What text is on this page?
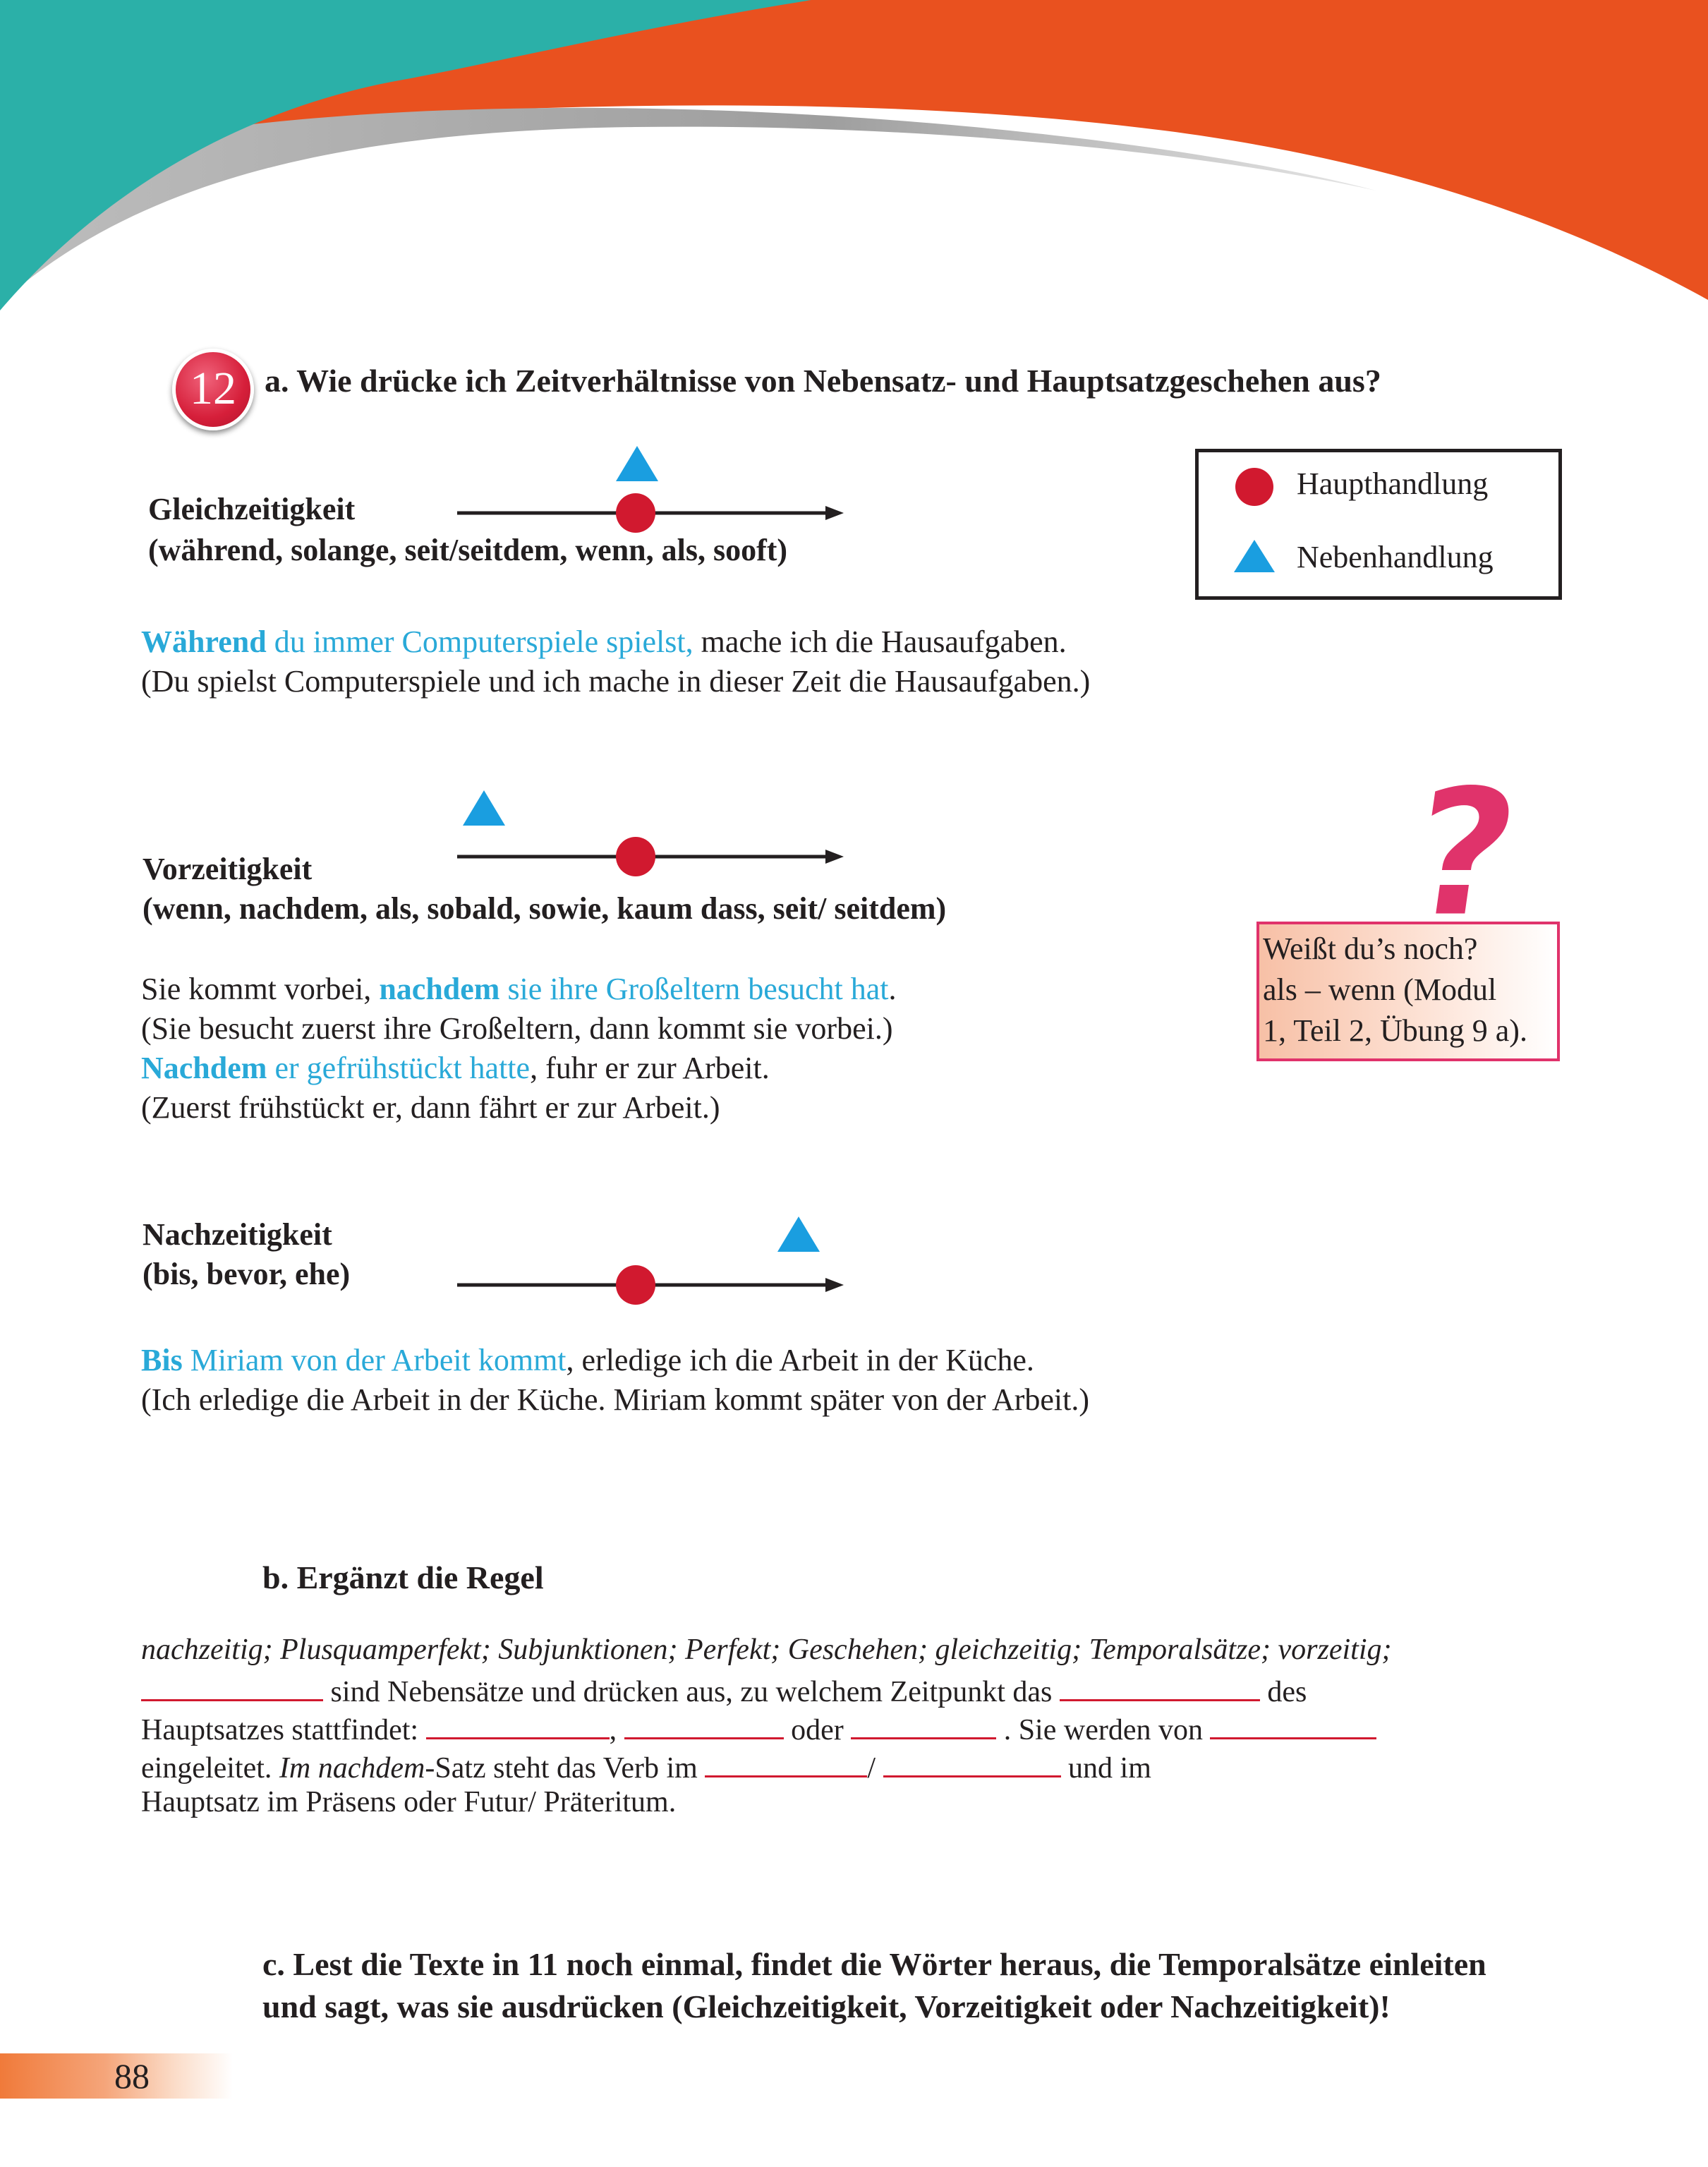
12 a. Wie drücke ich Zeitverhältnisse von Nebensatz- und Hauptsatzgeschehen aus?
Haupthandlung
Nebenhandlung
Gleichzeitigkeit
(während, solange, seit/seitdem, wenn, als, sooft)
Während du immer Computerspiele spielst, mache ich die Hausaufgaben.
(Du spielst Computerspiele und ich mache in dieser Zeit die Hausaufgaben.)
Vorzeitigkeit
(wenn, nachdem, als, sobald, sowie, kaum dass, seit/ seitdem)
Sie kommt vorbei, nachdem sie ihre Großeltern besucht hat.
(Sie besucht zuerst ihre Großeltern, dann kommt sie vorbei.)
Nachdem er gefrühstückt hatte, fuhr er zur Arbeit.
(Zuerst frühstückt er, dann fährt er zur Arbeit.)
?
Weißt du’s noch?
als – wenn (Modul
1, Teil 2, Übung 9 a).
Nachzeitigkeit
(bis, bevor, ehe)
Bis Miriam von der Arbeit kommt, erledige ich die Arbeit in der Küche.
(Ich erledige die Arbeit in der Küche. Miriam kommt später von der Arbeit.)
b. Ergänzt die Regel
nachzeitig; Plusquamperfekt; Subjunktionen; Perfekt; Geschehen; gleichzeitig; Temporalsätze; vorzeitig;
sind Nebensätze und drücken aus, zu welchem Zeitpunkt das	des
Hauptsatzes stattfindet:	,	oder	. Sie werden von
eingeleitet. Im nachdem-Satz steht das Verb im	/	und im
Hauptsatz im Präsens oder Futur/ Präteritum.
c. Lest die Texte in 11 noch einmal, findet die Wörter heraus, die Temporalsätze einleiten
und sagt, was sie ausdrücken (Gleichzeitigkeit, Vorzeitigkeit oder Nachzeitigkeit)!
88
